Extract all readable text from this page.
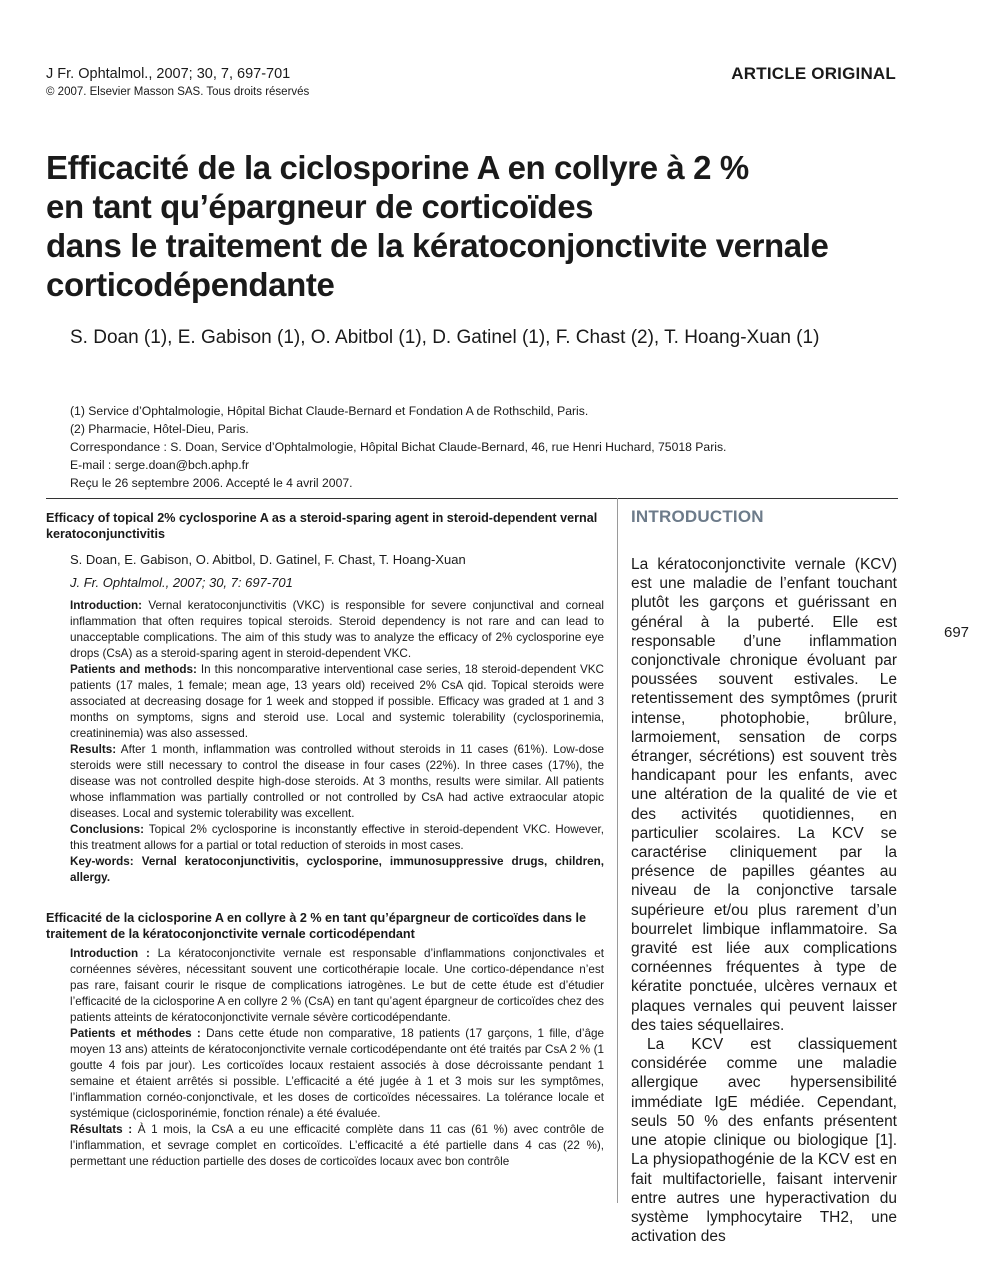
J Fr. Ophtalmol., 2007; 30, 7, 697-701
© 2007. Elsevier Masson SAS. Tous droits réservés
ARTICLE ORIGINAL
Efficacité de la ciclosporine A en collyre à 2 %
en tant qu’épargneur de corticoïdes
dans le traitement de la kératoconjonctivite vernale
corticodépendante
S. Doan (1), E. Gabison (1), O. Abitbol (1), D. Gatinel (1), F. Chast (2), T. Hoang-Xuan (1)
(1) Service d’Ophtalmologie, Hôpital Bichat Claude-Bernard et Fondation A de Rothschild, Paris.
(2) Pharmacie, Hôtel-Dieu, Paris.
Correspondance : S. Doan, Service d’Ophtalmologie, Hôpital Bichat Claude-Bernard, 46, rue Henri Huchard, 75018 Paris.
E-mail : serge.doan@bch.aphp.fr
Reçu le 26 septembre 2006. Accepté le 4 avril 2007.
697

Efficacy of topical 2% cyclosporine A as a steroid-sparing agent in steroid-dependent vernal keratoconjunctivitis

S. Doan, E. Gabison, O. Abitbol, D. Gatinel, F. Chast, T. Hoang-Xuan
J. Fr. Ophtalmol., 2007; 30, 7: 697-701

Introduction: Vernal keratoconjunctivitis (VKC) is responsible for severe conjunctival and corneal inflammation that often requires topical steroids. Steroid dependency is not rare and can lead to unacceptable complications. The aim of this study was to analyze the efficacy of 2% cyclosporine eye drops (CsA) as a steroid-sparing agent in steroid-dependent VKC.

Patients and methods: In this noncomparative interventional case series, 18 steroid-dependent VKC patients (17 males, 1 female; mean age, 13 years old) received 2% CsA qid. Topical steroids were associated at decreasing dosage for 1 week and stopped if possible. Efficacy was graded at 1 and 3 months on symptoms, signs and steroid use. Local and systemic tolerability (cyclosporinemia, creatininemia) was also assessed.

Results: After 1 month, inflammation was controlled without steroids in 11 cases (61%). Low-dose steroids were still necessary to control the disease in four cases (22%). In three cases (17%), the disease was not controlled despite high-dose steroids. At 3 months, results were similar. All patients whose inflammation was partially controlled or not controlled by CsA had active extraocular atopic diseases. Local and systemic tolerability was excellent.

Conclusions: Topical 2% cyclosporine is inconstantly effective in steroid-dependent VKC. However, this treatment allows for a partial or total reduction of steroids in most cases.

Key-words: Vernal keratoconjunctivitis, cyclosporine, immunosuppressive drugs, children, allergy.

Efficacité de la ciclosporine A en collyre à 2 % en tant qu’épargneur de corticoïdes dans le traitement de la kératoconjonctivite vernale corticodépendant

Introduction : La kératoconjonctivite vernale est responsable d’inflammations conjonctivales et cornéennes sévères, nécessitant souvent une corticothérapie locale. Une cortico-dépendance n’est pas rare, faisant courir le risque de complications iatrogènes. Le but de cette étude est d’étudier l’efficacité de la ciclosporine A en collyre 2 % (CsA) en tant qu’agent épargneur de corticoïdes chez des patients atteints de kératoconjonctivite vernale sévère corticodépendante.

Patients et méthodes : Dans cette étude non comparative, 18 patients (17 garçons, 1 fille, d’âge moyen 13 ans) atteints de kératoconjonctivite vernale corticodépendante ont été traités par CsA 2 % (1 goutte 4 fois par jour). Les corticoïdes locaux restaient associés à dose décroissante pendant 1 semaine et étaient arrêtés si possible. L’efficacité a été jugée à 1 et 3 mois sur les symptômes, l’inflammation cornéo-conjonctivale, et les doses de corticoïdes nécessaires. La tolérance locale et systémique (ciclosporinémie, fonction rénale) a été évaluée.

Résultats : À 1 mois, la CsA a eu une efficacité complète dans 11 cas (61 %) avec contrôle de l’inflammation, et sevrage complet en corticoïdes. L’efficacité a été partielle dans 4 cas (22 %), permettant une réduction partielle des doses de corticoïdes locaux avec bon contrôle

INTRODUCTION

La kératoconjonctivite vernale (KCV) est une maladie de l’enfant touchant plutôt les garçons et guérissant en général à la puberté. Elle est responsable d’une inflammation conjonctivale chronique évoluant par poussées souvent estivales. Le retentissement des symptômes (prurit intense, photophobie, brûlure, larmoiement, sensation de corps étranger, sécrétions) est souvent très handicapant pour les enfants, avec une altération de la qualité de vie et des activités quotidiennes, en particulier scolaires. La KCV se caractérise cliniquement par la présence de papilles géantes au niveau de la conjonctive tarsale supérieure et/ou plus rarement d’un bourrelet limbique inflammatoire. Sa gravité est liée aux complications cornéennes fréquentes à type de kératite ponctuée, ulcères vernaux et plaques vernales qui peuvent laisser des taies séquellaires.

La KCV est classiquement considérée comme une maladie allergique avec hypersensibilité immédiate IgE médiée. Cependant, seuls 50 % des enfants présentent une atopie clinique ou biologique [1]. La physiopathogénie de la KCV est en fait multifactorielle, faisant intervenir entre autres une hyperactivation du système lymphocytaire TH2, une activation des
